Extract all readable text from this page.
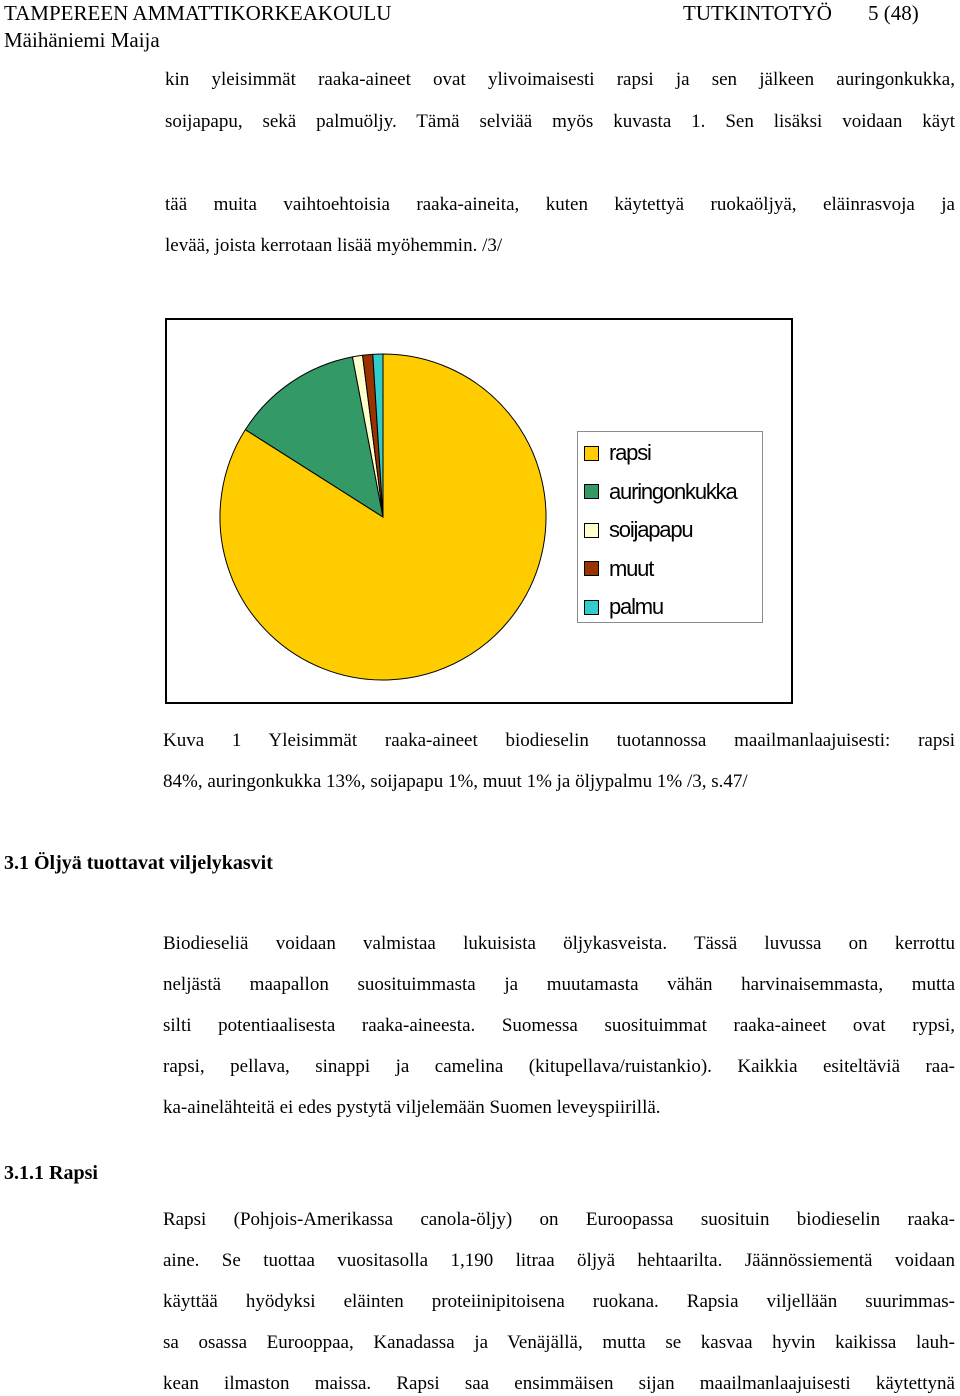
TAMPEREEN AMMATTIKORKEAKOULU	TUTKINTOTYÖ 5 (48)
Mäihäniemi Maija
kin yleisimmät raaka-aineet ovat ylivoimaisesti rapsi ja sen jälkeen auringonkukka,
soijapapu, sekä palmuöljy. Tämä selviää myös kuvasta 1. Sen lisäksi voidaan käyt
tää muita vaihtoehtoisia raaka-aineita, kuten käytettyä ruokaöljyä, eläinrasvoja ja
levää, joista kerrotaan lisää myöhemmin. /3/
rapsi
auringonkukka
soijapapu
muut
palmu
Kuva 1 Yleisimmät raaka-aineet biodieselin tuotannossa maailmanlaajuisesti: rapsi
84%, auringonkukka 13%, soijapapu 1%, muut 1% ja öljypalmu 1% /3, s.47/
3.1 Öljyä tuottavat viljelykasvit
Biodieseliä voidaan valmistaa lukuisista öljykasveista. Tässä luvussa on kerrottu
neljästä maapallon suosituimmasta ja muutamasta vähän harvinaisemmasta, mutta
silti potentiaalisesta raaka-aineesta. Suomessa suosituimmat raaka-aineet ovat rypsi,
rapsi, pellava, sinappi ja camelina (kitupellava/ruistankio). Kaikkia esiteltäviä raa-
ka-ainelähteitä ei edes pystytä viljelemään Suomen leveyspiirillä.
3.1.1 Rapsi
Rapsi (Pohjois-Amerikassa canola-öljy) on Euroopassa suosituin biodieselin raaka-
aine. Se tuottaa vuositasolla 1,190 litraa öljyä hehtaarilta. Jäännössiementä voidaan
käyttää hyödyksi eläinten proteiinipitoisena ruokana. Rapsia viljellään suurimmas-
sa osassa Eurooppaa, Kanadassa ja Venäjällä, mutta se kasvaa hyvin kaikissa lauh-
kean ilmaston maissa. Rapsi saa ensimmäisen sijan maailmanlaajuisesti käytettynä
